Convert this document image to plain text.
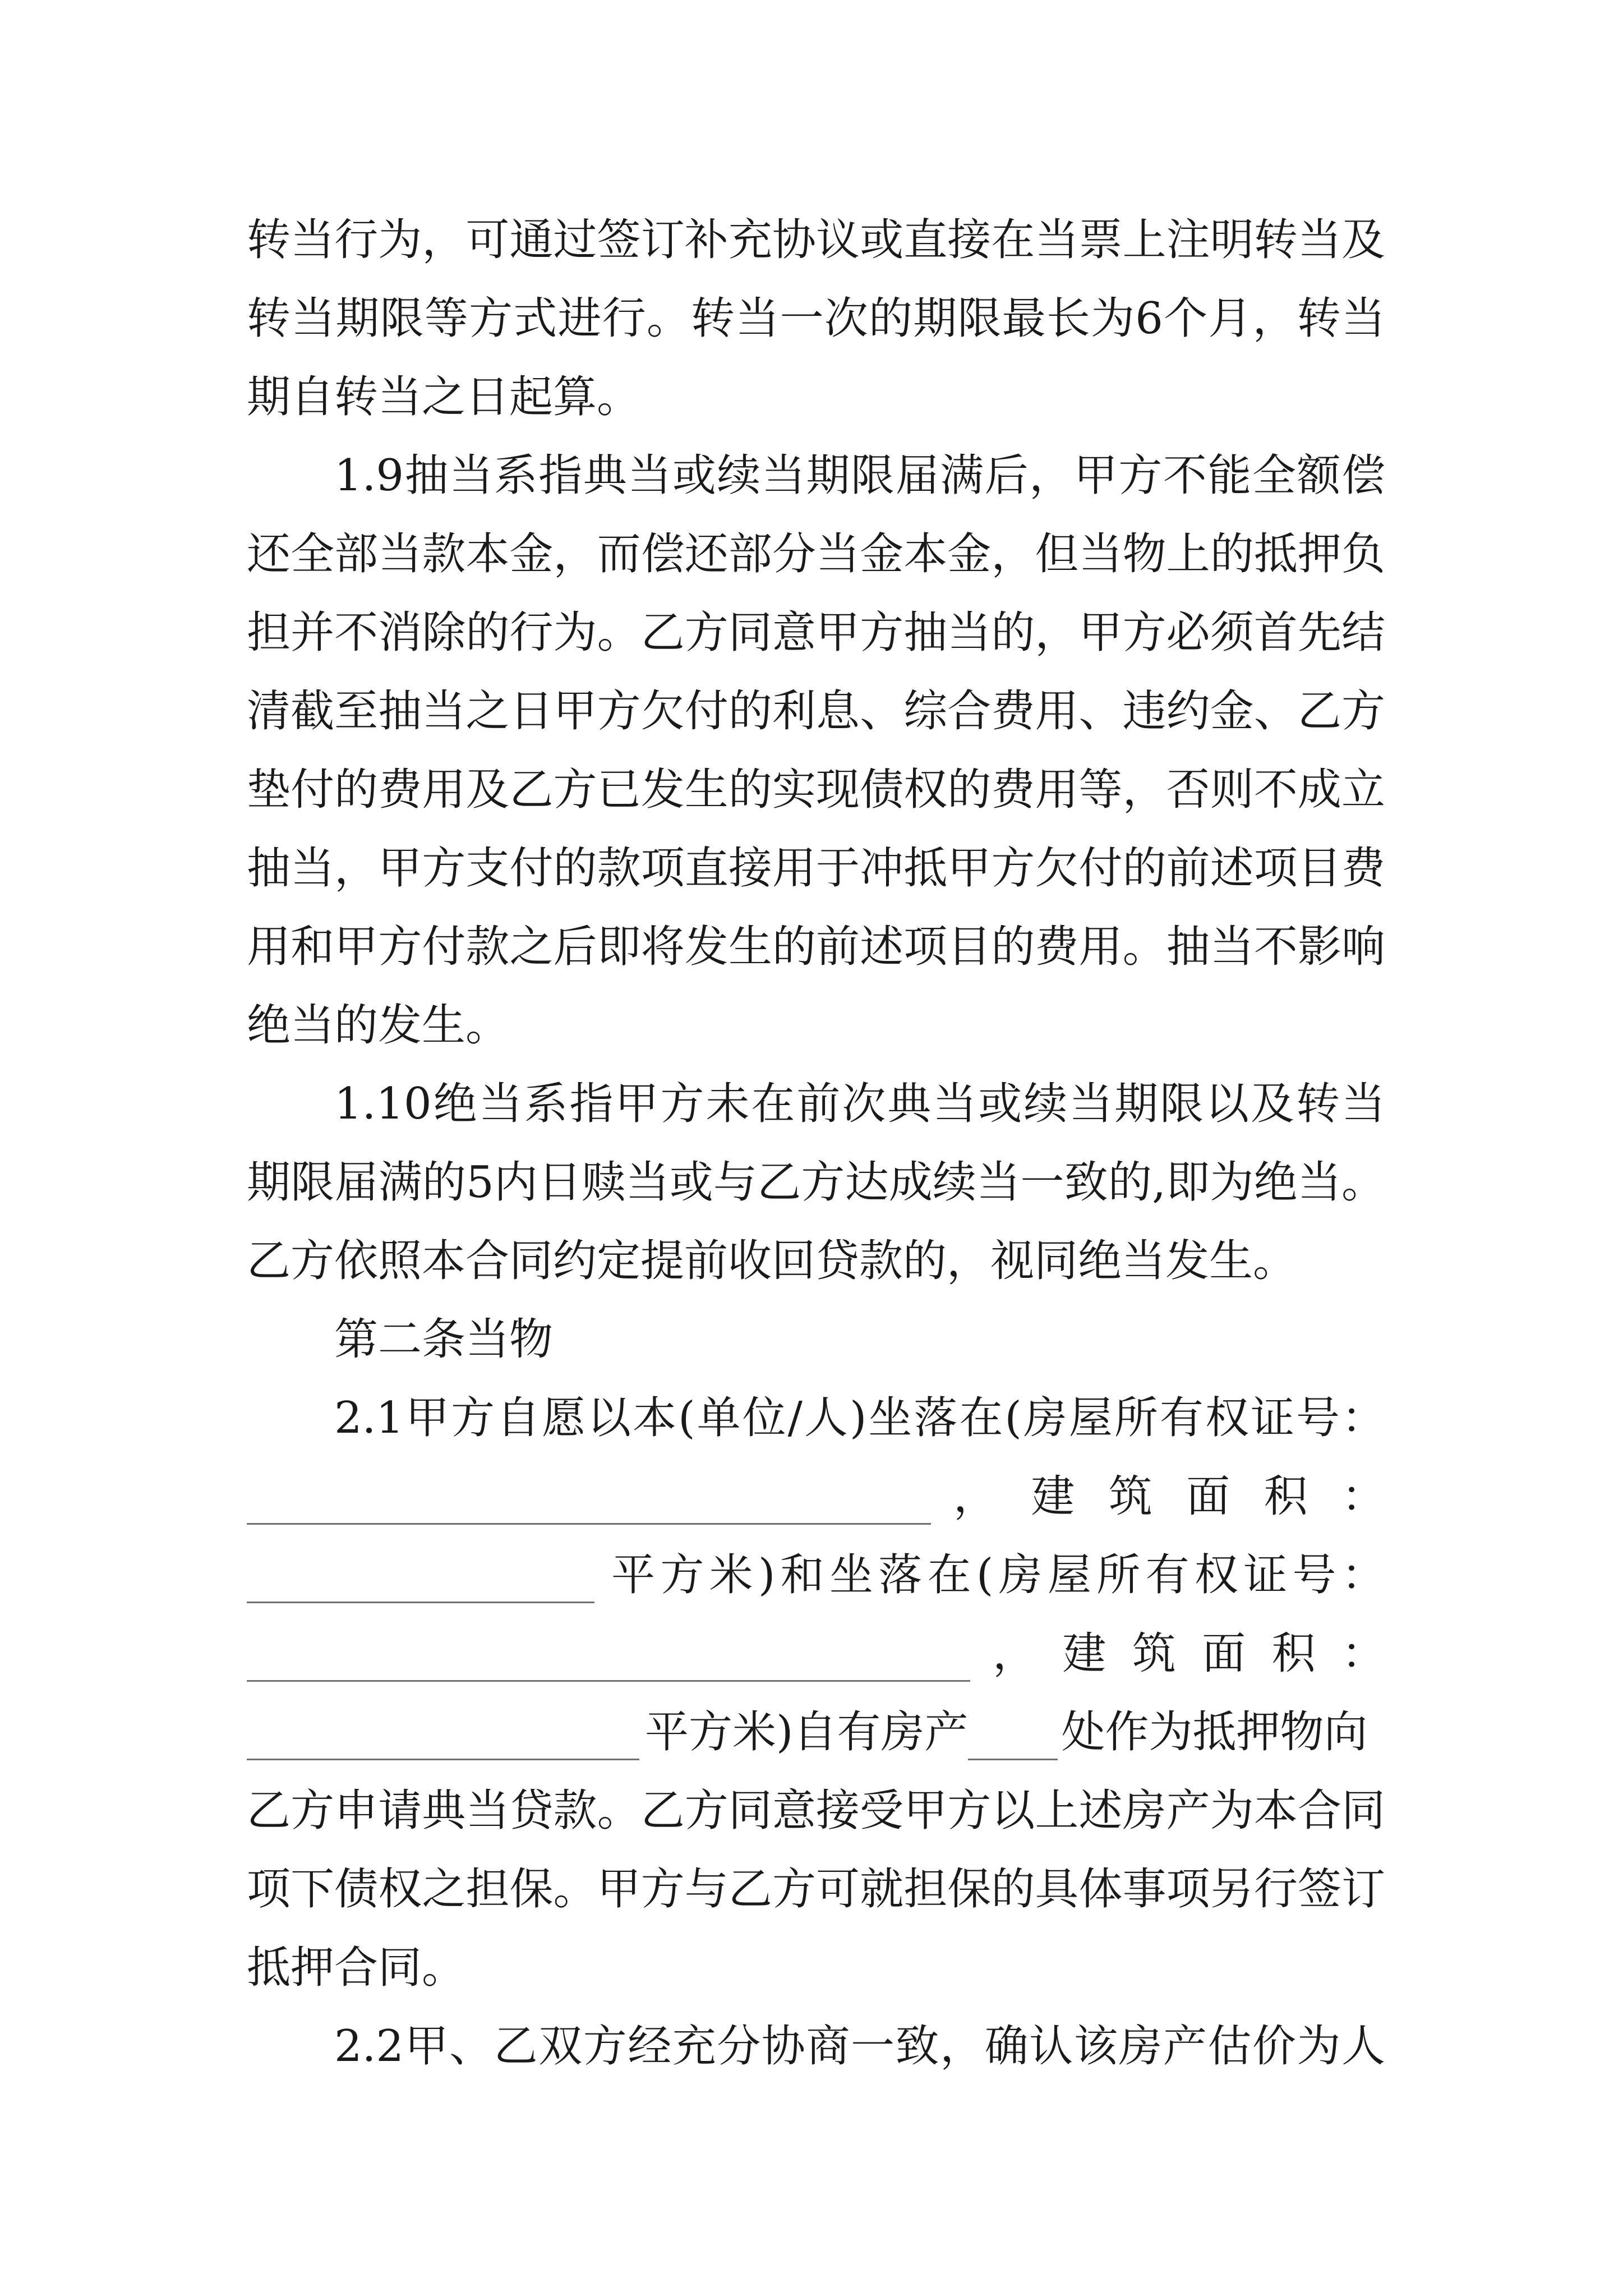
转当行为，可通过签订补充协议或直接在当票上注明转当及
转当期限等方式进行。转当一次的期限最长为6个月，转当
期自转当之日起算。
1.9抽当系指典当或续当期限届满后，甲方不能全额偿
还全部当款本金，而偿还部分当金本金，但当物上的抵押负
担并不消除的行为。乙方同意甲方抽当的，甲方必须首先结
清截至抽当之日甲方欠付的利息、综合费用、违约金、乙方
垫付的费用及乙方已发生的实现债权的费用等，否则不成立
抽当，甲方支付的款项直接用于冲抵甲方欠付的前述项目费
用和甲方付款之后即将发生的前述项目的费用。抽当不影响
绝当的发生。
1.10绝当系指甲方未在前次典当或续当期限以及转当
期限届满的5内日赎当或与乙方达成续当一致的,即为绝当。
乙方依照本合同约定提前收回贷款的，视同绝当发生。
第二条当物
2.1甲方自愿以本(单位/人)坐落在(房屋所有权证号：
， 建 筑 面 积 ：
平 方 米 ) 和 坐 落 在 ( 房 屋 所 有 权 证 号 ：
， 建 筑 面 积 ：
平方米)自有房产 处作为抵押物向
乙方申请典当贷款。乙方同意接受甲方以上述房产为本合同
项下债权之担保。甲方与乙方可就担保的具体事项另行签订
抵押合同。
2.2甲、乙双方经充分协商一致，确认该房产估价为人
